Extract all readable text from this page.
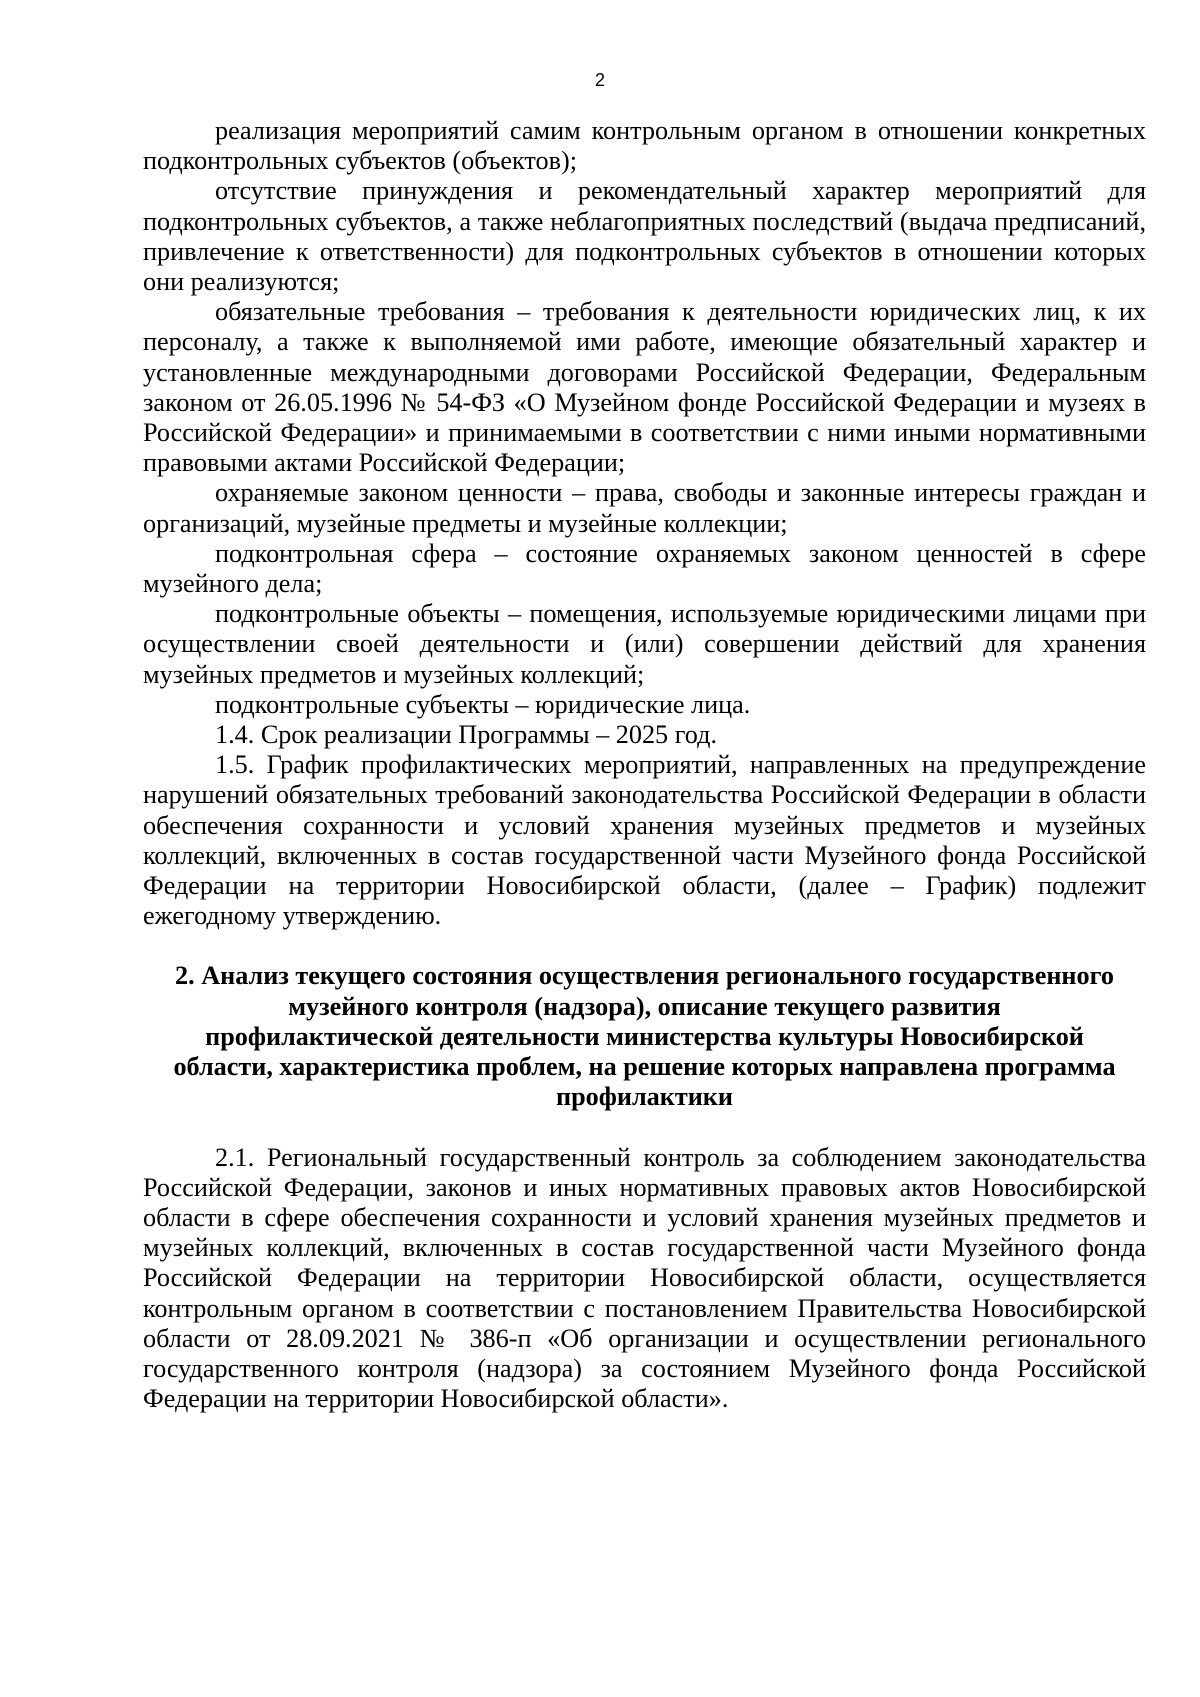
2

реализация мероприятий самим контрольным органом в отношении конкретных подконтрольных субъектов (объектов);

отсутствие принуждения и рекомендательный характер мероприятий для подконтрольных субъектов, а также неблагоприятных последствий (выдача предписаний, привлечение к ответственности) для подконтрольных субъектов в отношении которых они реализуются;

обязательные требования – требования к деятельности юридических лиц, к их персоналу, а также к выполняемой ими работе, имеющие обязательный характер и установленные международными договорами Российской Федерации, Федеральным законом от 26.05.1996 № 54-ФЗ «О Музейном фонде Российской Федерации и музеях в Российской Федерации» и принимаемыми в соответствии с ними иными нормативными правовыми актами Российской Федерации;

охраняемые законом ценности – права, свободы и законные интересы граждан и организаций, музейные предметы и музейные коллекции;

подконтрольная сфера – состояние охраняемых законом ценностей в сфере музейного дела;

подконтрольные объекты – помещения, используемые юридическими лицами при осуществлении своей деятельности и (или) совершении действий для хранения музейных предметов и музейных коллекций;

подконтрольные субъекты – юридические лица.

1.4. Срок реализации Программы – 2025 год.

1.5. График профилактических мероприятий, направленных на предупреждение нарушений обязательных требований законодательства Российской Федерации в области обеспечения сохранности и условий хранения музейных предметов и музейных коллекций, включенных в состав государственной части Музейного фонда Российской Федерации на территории Новосибирской области, (далее – График) подлежит ежегодному утверждению.

2. Анализ текущего состояния осуществления регионального государственного музейного контроля (надзора), описание текущего развития профилактической деятельности министерства культуры Новосибирской области, характеристика проблем, на решение которых направлена программа профилактики

2.1. Региональный государственный контроль за соблюдением законодательства Российской Федерации, законов и иных нормативных правовых актов Новосибирской области в сфере обеспечения сохранности и условий хранения музейных предметов и музейных коллекций, включенных в состав государственной части Музейного фонда Российской Федерации на территории Новосибирской области, осуществляется контрольным органом в соответствии с постановлением Правительства Новосибирской области от 28.09.2021 № 386-п «Об организации и осуществлении регионального государственного контроля (надзора) за состоянием Музейного фонда Российской Федерации на территории Новосибирской области».
